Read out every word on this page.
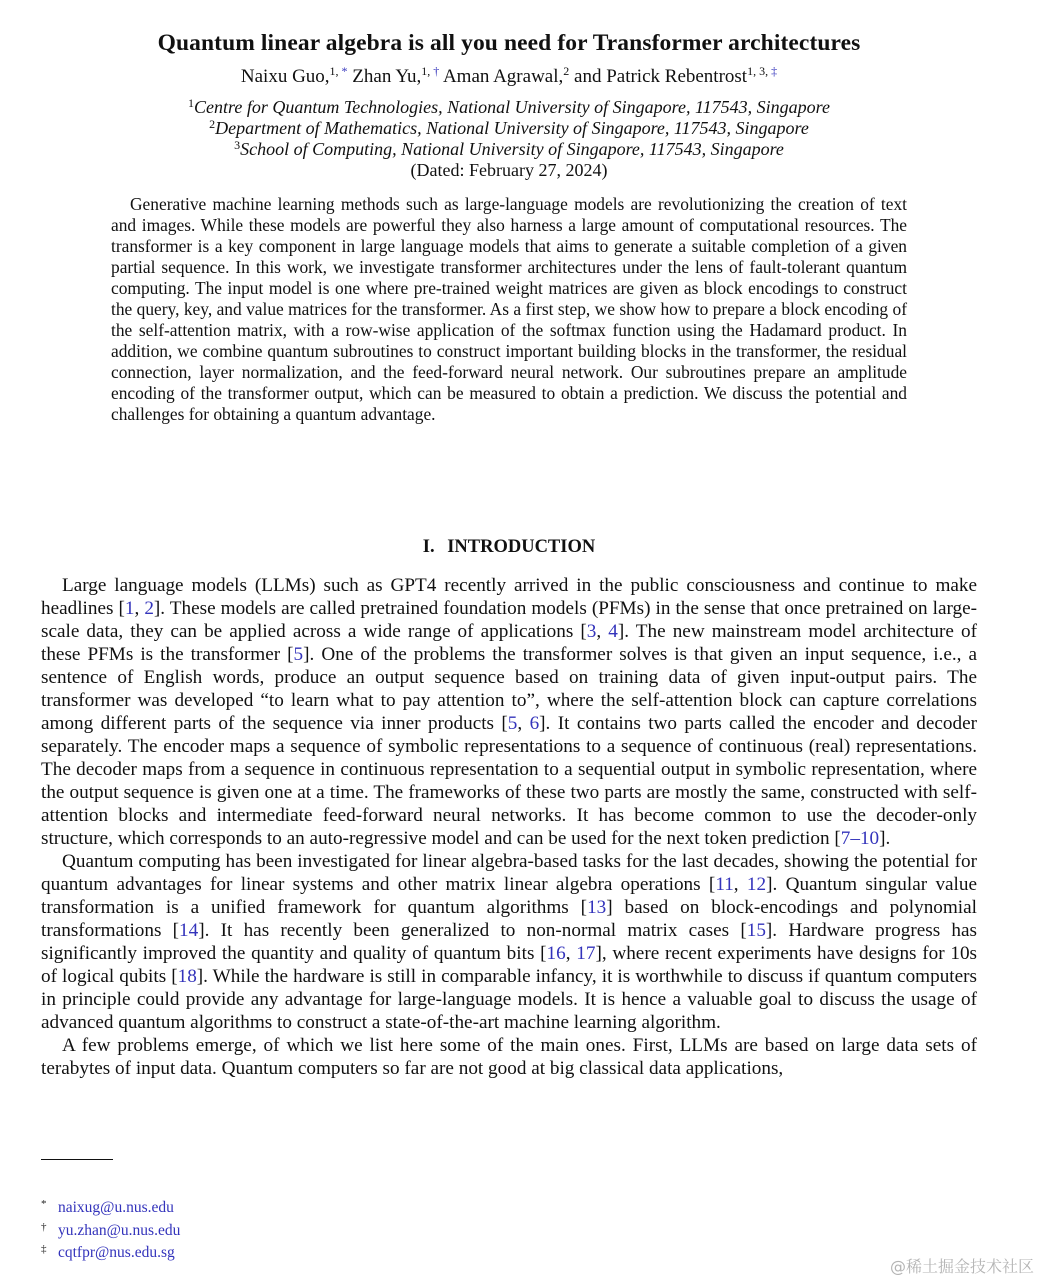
Quantum linear algebra is all you need for Transformer architectures
Naixu Guo,$^{1, *}$ Zhan Yu,$^{1, \dagger}$ Aman Agrawal,$^2$ and Patrick Rebentrost$^{1, 3, \ddagger}$
$^1$Centre for Quantum Technologies, National University of Singapore, 117543, Singapore
$^2$Department of Mathematics, National University of Singapore, 117543, Singapore
$^3$School of Computing, National University of Singapore, 117543, Singapore
(Dated: February 27, 2024)
Generative machine learning methods such as large-language models are revolutionizing the creation of text and images. While these models are powerful they also harness a large amount of computational resources. The transformer is a key component in large language models that aims to generate a suitable completion of a given partial sequence. In this work, we investigate transformer architectures under the lens of fault-tolerant quantum computing. The input model is one where pre-trained weight matrices are given as block encodings to construct the query, key, and value matrices for the transformer. As a first step, we show how to prepare a block encoding of the self-attention matrix, with a row-wise application of the softmax function using the Hadamard product. In addition, we combine quantum subroutines to construct important building blocks in the transformer, the residual connection, layer normalization, and the feed-forward neural network. Our subroutines prepare an amplitude encoding of the transformer output, which can be measured to obtain a prediction. We discuss the potential and challenges for obtaining a quantum advantage.
I. INTRODUCTION

Large language models (LLMs) such as GPT4 recently arrived in the public consciousness and continue to make headlines [1, 2]. These models are called pretrained foundation models (PFMs) in the sense that once pretrained on large-scale data, they can be applied across a wide range of applications [3, 4]. The new mainstream model architecture of these PFMs is the transformer [5]. One of the problems the transformer solves is that given an input sequence, i.e., a sentence of English words, produce an output sequence based on training data of given input-output pairs. The transformer was developed “to learn what to pay attention to”, where the self-attention block can capture correlations among different parts of the sequence via inner products [5, 6]. It contains two parts called the encoder and decoder separately. The encoder maps a sequence of symbolic representations to a sequence of continuous (real) representations. The decoder maps from a sequence in continuous representation to a sequential output in symbolic representation, where the output sequence is given one at a time. The frameworks of these two parts are mostly the same, constructed with self-attention blocks and intermediate feed-forward neural networks. It has become common to use the decoder-only structure, which corresponds to an auto-regressive model and can be used for the next token prediction [7–10].

Quantum computing has been investigated for linear algebra-based tasks for the last decades, showing the potential for quantum advantages for linear systems and other matrix linear algebra operations [11, 12]. Quantum singular value transformation is a unified framework for quantum algorithms [13] based on block-encodings and polynomial transformations [14]. It has recently been generalized to non-normal matrix cases [15]. Hardware progress has significantly improved the quantity and quality of quantum bits [16, 17], where recent experiments have designs for 10s of logical qubits [18]. While the hardware is still in comparable infancy, it is worthwhile to discuss if quantum computers in principle could provide any advantage for large-language models. It is hence a valuable goal to discuss the usage of advanced quantum algorithms to construct a state-of-the-art machine learning algorithm.

A few problems emerge, of which we list here some of the main ones. First, LLMs are based on large data sets of terabytes of input data. Quantum computers so far are not good at big classical data applications,

* naixug@u.nus.edu
† yu.zhan@u.nus.edu
‡ cqtfpr@nus.edu.sg
@稀土掘金技术社区
